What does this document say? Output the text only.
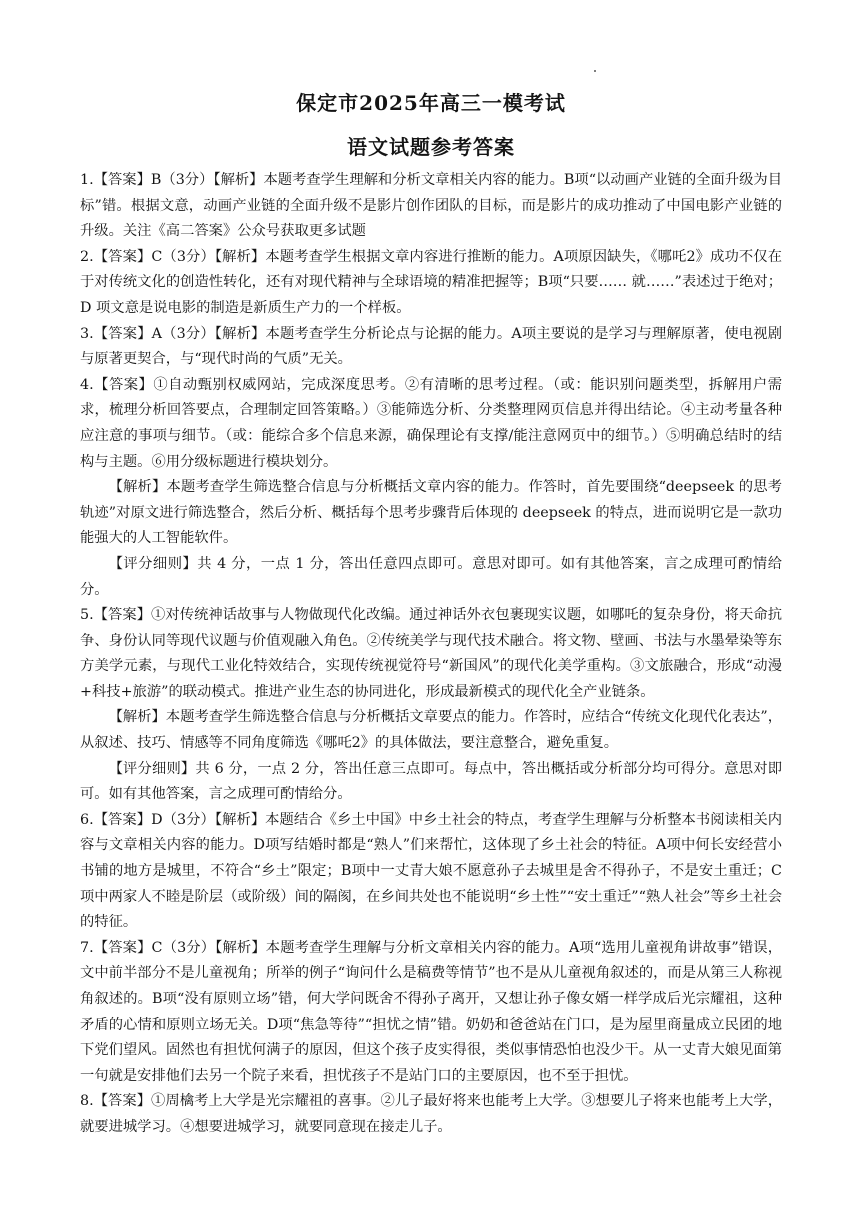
保定市2025年高三一模考试
语文试题参考答案

1.【答案】B（3分）【解析】本题考查学生理解和分析文章相关内容的能力。B项“以动画产业链的全面升级为目标”错。根据文意，动画产业链的全面升级不是影片创作团队的目标，而是影片的成功推动了中国电影产业链的升级。关注《高二答案》公众号获取更多试题

2.【答案】C（3分）【解析】本题考查学生根据文章内容进行推断的能力。A项原因缺失，《哪吒2》成功不仅在于对传统文化的创造性转化，还有对现代精神与全球语境的精准把握等；B项“只要…… 就……”表述过于绝对；D 项文意是说电影的制造是新质生产力的一个样板。

3.【答案】A（3分）【解析】本题考查学生分析论点与论据的能力。A项主要说的是学习与理解原著，使电视剧与原著更契合，与“现代时尚的气质”无关。

4.【答案】①自动甄别权威网站，完成深度思考。②有清晰的思考过程。（或：能识别问题类型，拆解用户需求，梳理分析回答要点，合理制定回答策略。）③能筛选分析、分类整理网页信息并得出结论。④主动考量各种应注意的事项与细节。（或：能综合多个信息来源，确保理论有支撑/能注意网页中的细节。）⑤明确总结时的结构与主题。⑥用分级标题进行模块划分。

【解析】本题考查学生筛选整合信息与分析概括文章内容的能力。作答时，首先要围绕“deepseek 的思考轨迹”对原文进行筛选整合，然后分析、概括每个思考步骤背后体现的 deepseek 的特点，进而说明它是一款功能强大的人工智能软件。

【评分细则】共 4 分，一点 1 分，答出任意四点即可。意思对即可。如有其他答案，言之成理可酌情给分。

5.【答案】①对传统神话故事与人物做现代化改编。通过神话外衣包裹现实议题，如哪吒的复杂身份，将天命抗争、身份认同等现代议题与价值观融入角色。②传统美学与现代技术融合。将文物、壁画、书法与水墨晕染等东方美学元素，与现代工业化特效结合，实现传统视觉符号“新国风”的现代化美学重构。③文旅融合，形成“动漫+科技+旅游”的联动模式。推进产业生态的协同进化，形成最新模式的现代化全产业链条。

【解析】本题考查学生筛选整合信息与分析概括文章要点的能力。作答时，应结合“传统文化现代化表达”，从叙述、技巧、情感等不同角度筛选《哪吒2》的具体做法，要注意整合，避免重复。

【评分细则】共 6 分，一点 2 分，答出任意三点即可。每点中，答出概括或分析部分均可得分。意思对即可。如有其他答案，言之成理可酌情给分。

6.【答案】D（3分）【解析】本题结合《乡土中国》中乡土社会的特点，考查学生理解与分析整本书阅读相关内容与文章相关内容的能力。D项写结婚时都是“熟人”们来帮忙，这体现了乡土社会的特征。A项中何长安经营小书铺的地方是城里，不符合“乡土”限定；B项中一丈青大娘不愿意孙子去城里是舍不得孙子，不是安土重迁；C项中两家人不睦是阶层（或阶级）间的隔阂，在乡间共处也不能说明“乡土性”“安土重迁”“熟人社会”等乡土社会的特征。

7.【答案】C（3分）【解析】本题考查学生理解与分析文章相关内容的能力。A项“选用儿童视角讲故事”错误，文中前半部分不是儿童视角；所举的例子“询问什么是稿费等情节”也不是从儿童视角叙述的，而是从第三人称视角叙述的。B项“没有原则立场”错，何大学问既舍不得孙子离开，又想让孙子像女婿一样学成后光宗耀祖，这种矛盾的心情和原则立场无关。D项“焦急等待”“担忧之情”错。奶奶和爸爸站在门口，是为屋里商量成立民团的地下党们望风。固然也有担忧何满子的原因，但这个孩子皮实得很，类似事情恐怕也没少干。从一丈青大娘见面第一句就是安排他们去另一个院子来看，担忧孩子不是站门口的主要原因，也不至于担忧。

8.【答案】①周檎考上大学是光宗耀祖的喜事。②儿子最好将来也能考上大学。③想要儿子将来也能考上大学，就要进城学习。④想要进城学习，就要同意现在接走儿子。
